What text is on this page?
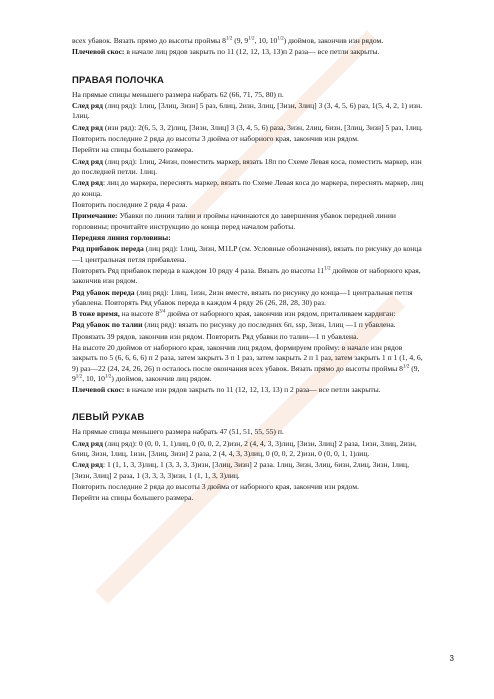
всех убавок. Вязать прямо до высоты проймы $8^{1/2}$ (9, $9^{1/2}$, 10, $10^{1/2}$) дюймов, закончив изн рядом.

Плечевой скос: в начале лиц рядов закрыть по 11 (12, 12, 13, 13)п 2 раза— все петли закрыты.

ПРАВАЯ ПОЛОЧКА

На прямые спицы меньшего размера набрать 62 (66, 71, 75, 80) п.

След ряд (лиц ряд): 1лиц, [3лиц, 3изн] 5 раз, 6лиц, 2изн, 3лиц, [3изн, 3лиц] 3 (3, 4, 5, 6) раз, 1(5, 4, 2, 1) изн. 1лиц.

След ряд (изн ряд): 2(6, 5, 3, 2)лиц, [3изн, 3лиц] 3 (3, 4, 5, 6) раза, 3изн, 2лиц, 6изн, [3лиц, 3изн] 5 раз, 1лиц.

Повторить последние 2 ряда до высоты 3 дюйма от наборного края, закончив изн рядом.

Перейти на спицы большего размера.

След ряд (лиц ряд): 1лиц, 24изн, поместить маркер, вязать 18п по Схеме Левая коса, поместить маркер, изн до последней петли. 1лиц.

След ряд: лиц до маркера, переснять маркер, вязать по Схеме Левая коса до маркера, переснять маркер, лиц до конца.

Повторить последние 2 ряда 4 раза.

Примечание: Убавки по линии талии и проймы начинаются до завершения убавок передней линии горловины; прочитайте инструкцию до конца перед началом работы.

Передняя линия горловины:

Ряд прибавок переда (лиц ряд): 1лиц, 3изн, M1LP (см. Условные обозначения), вязать по рисунку до конца—1 центральная петля прибавлена.

Повторять Ряд прибавок переда в каждом 10 ряду 4 раза. Вязать до высоты $11^{1/2}$ дюймов от наборного края, закончив изн рядом.

Ряд убавок переда (лиц ряд): 1лиц, 1изн, 2изн вместе, вязать по рисунку до конца—1 центральная петля убавлена. Повторять Ряд убавок переда в каждом 4 ряду 26 (26, 28, 28, 30) раз.

В тоже время, на высоте $8^{3/4}$ дюйма от наборного края, закончив изн рядом, приталиваем кардиган:

Ряд убавок по талии (лиц ряд): вязать по рисунку до последних 6п, ssp, 3изн, 1лиц —1 п убавлена.

Провязать 39 рядов, закончив изн рядом. Повторить Ряд убавки по талии—1 п убавлена.

На высоте 20 дюймов от наборного края, закончив лиц рядом, формируем пройму: в начале изн рядов закрыть по 5 (6, 6, 6, 6) п 2 раза, затем закрыть 3 п 1 раз, затем закрыть 2 п 1 раз, затем закрыть 1 п 1 (1, 4, 6, 9) раз—22 (24, 24, 26, 26) п осталось после окончания всех убавок. Вязать прямо до высоты проймы $8^{1/2}$ (9, $9^{1/2}$, 10, $10^{1/2}$) дюймов, закончив лиц рядом.

Плечевой скос: в начале изн рядов закрыть по 11 (12, 12, 13, 13) п 2 раза— все петли закрыты.

ЛЕВЫЙ РУКАВ

На прямые спицы меньшего размера набрать 47 (51, 51, 55, 55) п.

След ряд (лиц ряд): 0 (0, 0, 1, 1)лиц, 0 (0, 0, 2, 2)изн, 2 (4, 4, 3, 3)лиц, [3изн, 3лиц] 2 раза, 1изн, 3лиц, 2изн, 6лиц, 3изн, 1лиц, 1изн, [3лиц, 3изн] 2 раза, 2 (4, 4, 3, 3)лиц, 0 (0, 0, 2, 2)изн, 0 (0, 0, 1, 1)лиц.

След ряд: 1 (1, 1, 3, 3)лиц, 1 (3, 3, 3, 3)изн, [3лиц, 3изн] 2 раза. 1лиц, 3изн, 3лиц, 6изн, 2лиц, 3изн, 1лиц, [3изн, 3лиц] 2 раза, 1 (3, 3, 3, 3)изн, 1 (1, 1, 3, 3)лиц.

Повторить последние 2 ряда до высоты 3 дюйма от наборного края, закончив изн рядом.

Перейти на спицы большего размера.

3
